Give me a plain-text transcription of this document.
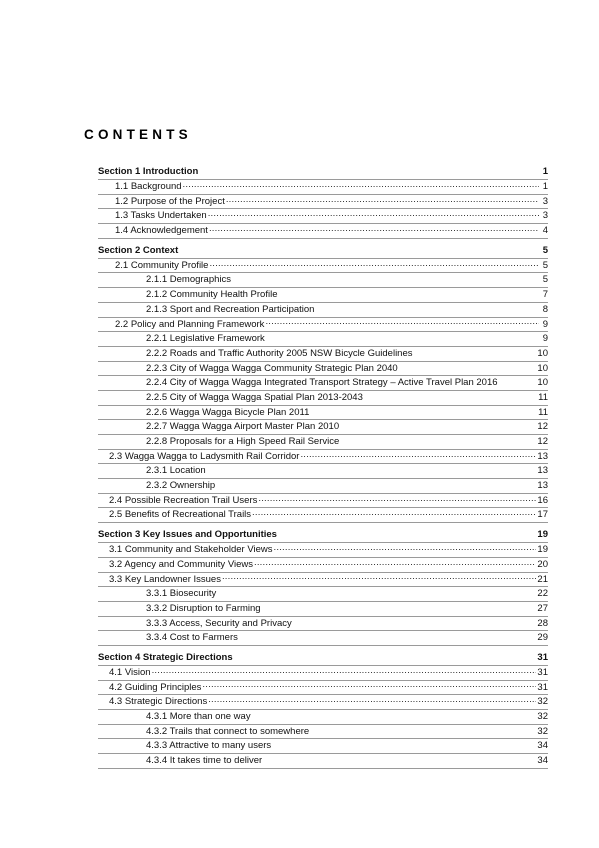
CONTENTS
Section 1 Introduction	1
1.1 Background .....	1
1.2 Purpose of the Project .....	3
1.3 Tasks Undertaken .....	3
1.4 Acknowledgement .....	4
Section 2 Context	5
2.1 Community Profile .....	5
2.1.1 Demographics	5
2.1.2 Community Health Profile	7
2.1.3 Sport and Recreation Participation	8
2.2 Policy and Planning Framework .....	9
2.2.1 Legislative Framework	9
2.2.2 Roads and Traffic Authority 2005 NSW Bicycle Guidelines	10
2.2.3 City of Wagga Wagga Community Strategic Plan 2040	10
2.2.4 City of Wagga Wagga Integrated Transport Strategy – Active Travel Plan 2016	10
2.2.5 City of Wagga Wagga Spatial Plan 2013-2043	11
2.2.6 Wagga Wagga Bicycle Plan 2011	11
2.2.7 Wagga Wagga Airport Master Plan 2010	12
2.2.8 Proposals for a High Speed Rail Service	12
2.3 Wagga Wagga to Ladysmith Rail Corridor .....	13
2.3.1 Location	13
2.3.2 Ownership	13
2.4 Possible Recreation Trail Users .....	16
2.5 Benefits of Recreational Trails .....	17
Section 3 Key Issues and Opportunities	19
3.1 Community and Stakeholder Views .....	19
3.2 Agency and Community Views .....	20
3.3 Key Landowner Issues .....	21
3.3.1 Biosecurity	22
3.3.2 Disruption to Farming	27
3.3.3 Access, Security and Privacy	28
3.3.4 Cost to Farmers	29
Section 4 Strategic Directions	31
4.1 Vision .....	31
4.2 Guiding Principles .....	31
4.3 Strategic Directions .....	32
4.3.1 More than one way	32
4.3.2 Trails that connect to somewhere	32
4.3.3 Attractive to many users	34
4.3.4 It takes time to deliver	34
